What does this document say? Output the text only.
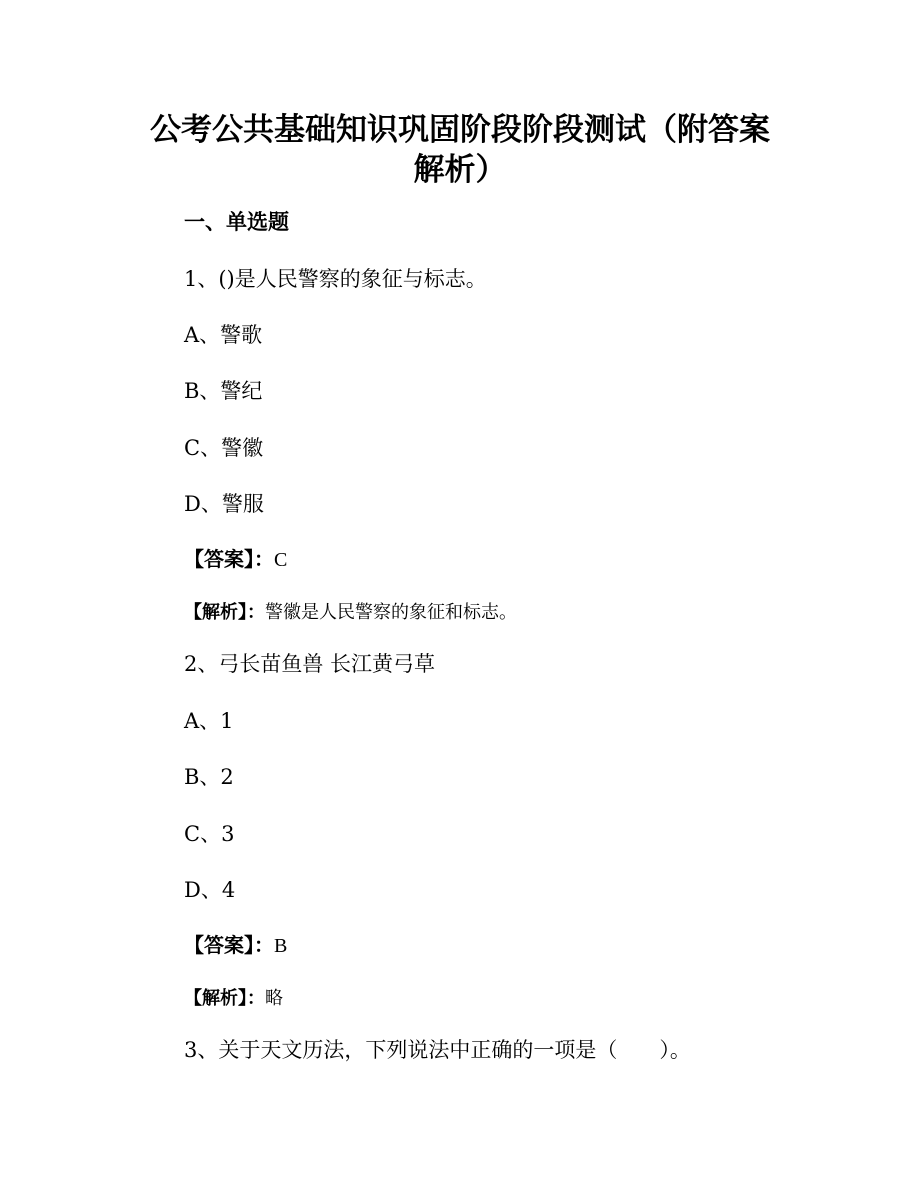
公考公共基础知识巩固阶段阶段测试（附答案
解析）
一、单选题

1、()是人民警察的象征与标志。

A、警歌

B、警纪

C、警徽

D、警服

【答案】：C

【解析】：警徽是人民警察的象征和标志。

2、弓长苗鱼兽 长江黄弓草

A、1

B、2

C、3

D、4

【答案】：B

【解析】：略

3、关于天文历法，下列说法中正确的一项是（　　）。
